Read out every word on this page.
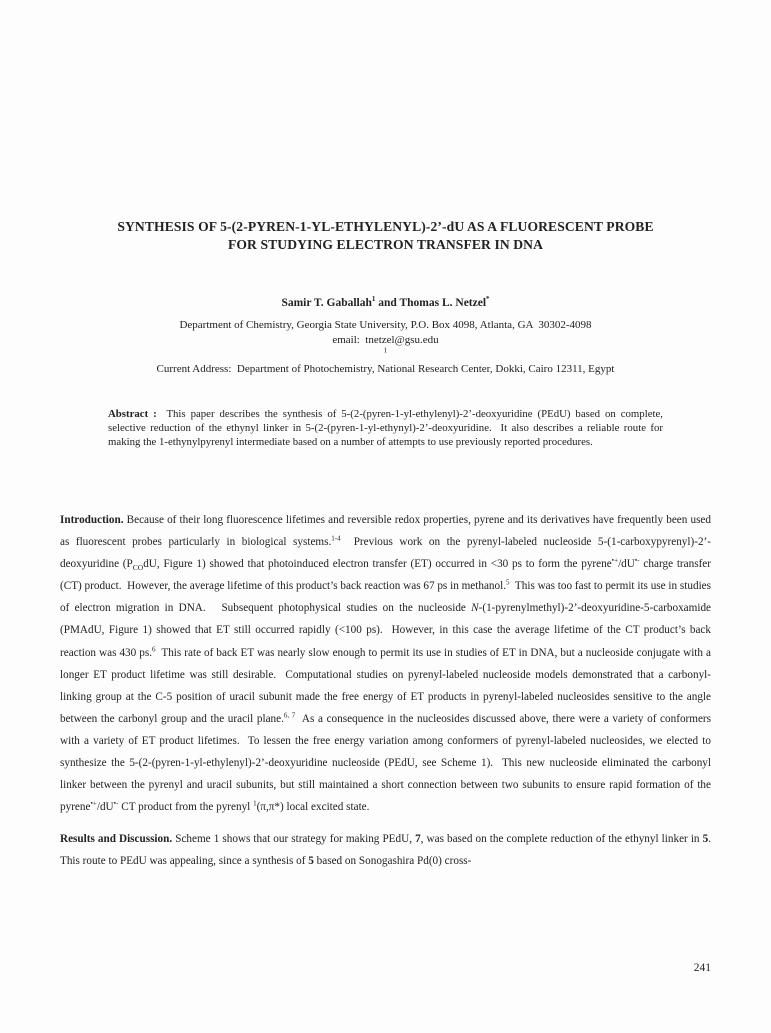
SYNTHESIS OF 5-(2-PYREN-1-YL-ETHYLENYL)-2’-dU AS A FLUORESCENT PROBE
FOR STUDYING ELECTRON TRANSFER IN DNA
Samir T. Gaballah$^1$ and Thomas L. Netzel*
Department of Chemistry, Georgia State University, P.O. Box 4098, Atlanta, GA  30302-4098
email:  tnetzel@gsu.edu
$^1$
Current Address:  Department of Photochemistry, National Research Center, Dokki, Cairo 12311, Egypt
Abstract :  This paper describes the synthesis of 5-(2-(pyren-1-yl-ethylenyl)-2’-deoxyuridine (PEdU) based on complete, selective reduction of the ethynyl linker in 5-(2-(pyren-1-yl-ethynyl)-2’-deoxyuridine.  It also describes a reliable route for making the 1-ethynylpyrenyl intermediate based on a number of attempts to use previously reported procedures.

Introduction. Because of their long fluorescence lifetimes and reversible redox properties, pyrene and its derivatives have frequently been used as fluorescent probes particularly in biological systems.$^{1-4}$  Previous work on the pyrenyl-labeled nucleoside 5-(1-carboxypyrenyl)-2’-deoxyuridine ($P_{CO}dU$, Figure 1) showed that photoinduced electron transfer (ET) occurred in <30 ps to form the pyrene•+/dU•- charge transfer (CT) product.  However, the average lifetime of this product’s back reaction was 67 ps in methanol.$^5$  This was too fast to permit its use in studies of electron migration in DNA.   Subsequent photophysical studies on the nucleoside N-(1-pyrenylmethyl)-2’-deoxyuridine-5-carboxamide (PMAdU, Figure 1) showed that ET still occurred rapidly (<100 ps).  However, in this case the average lifetime of the CT product’s back reaction was 430 ps.$^6$  This rate of back ET was nearly slow enough to permit its use in studies of ET in DNA, but a nucleoside conjugate with a longer ET product lifetime was still desirable.  Computational studies on pyrenyl-labeled nucleoside models demonstrated that a carbonyl-linking group at the C-5 position of uracil subunit made the free energy of ET products in pyrenyl-labeled nucleosides sensitive to the angle between the carbonyl group and the uracil plane.$^{6, 7}$  As a consequence in the nucleosides discussed above, there were a variety of conformers with a variety of ET product lifetimes.  To lessen the free energy variation among conformers of pyrenyl-labeled nucleosides, we elected to synthesize the 5-(2-(pyren-1-yl-ethylenyl)-2’-deoxyuridine nucleoside (PEdU, see Scheme 1).  This new nucleoside eliminated the carbonyl linker between the pyrenyl and uracil subunits, but still maintained a short connection between two subunits to ensure rapid formation of the pyrene•+/dU•- CT product from the pyrenyl $^1$(π,π*) local excited state.

Results and Discussion. Scheme 1 shows that our strategy for making PEdU, 7, was based on the complete reduction of the ethynyl linker in 5.  This route to PEdU was appealing, since a synthesis of 5 based on Sonogashira Pd(0) cross-

241
